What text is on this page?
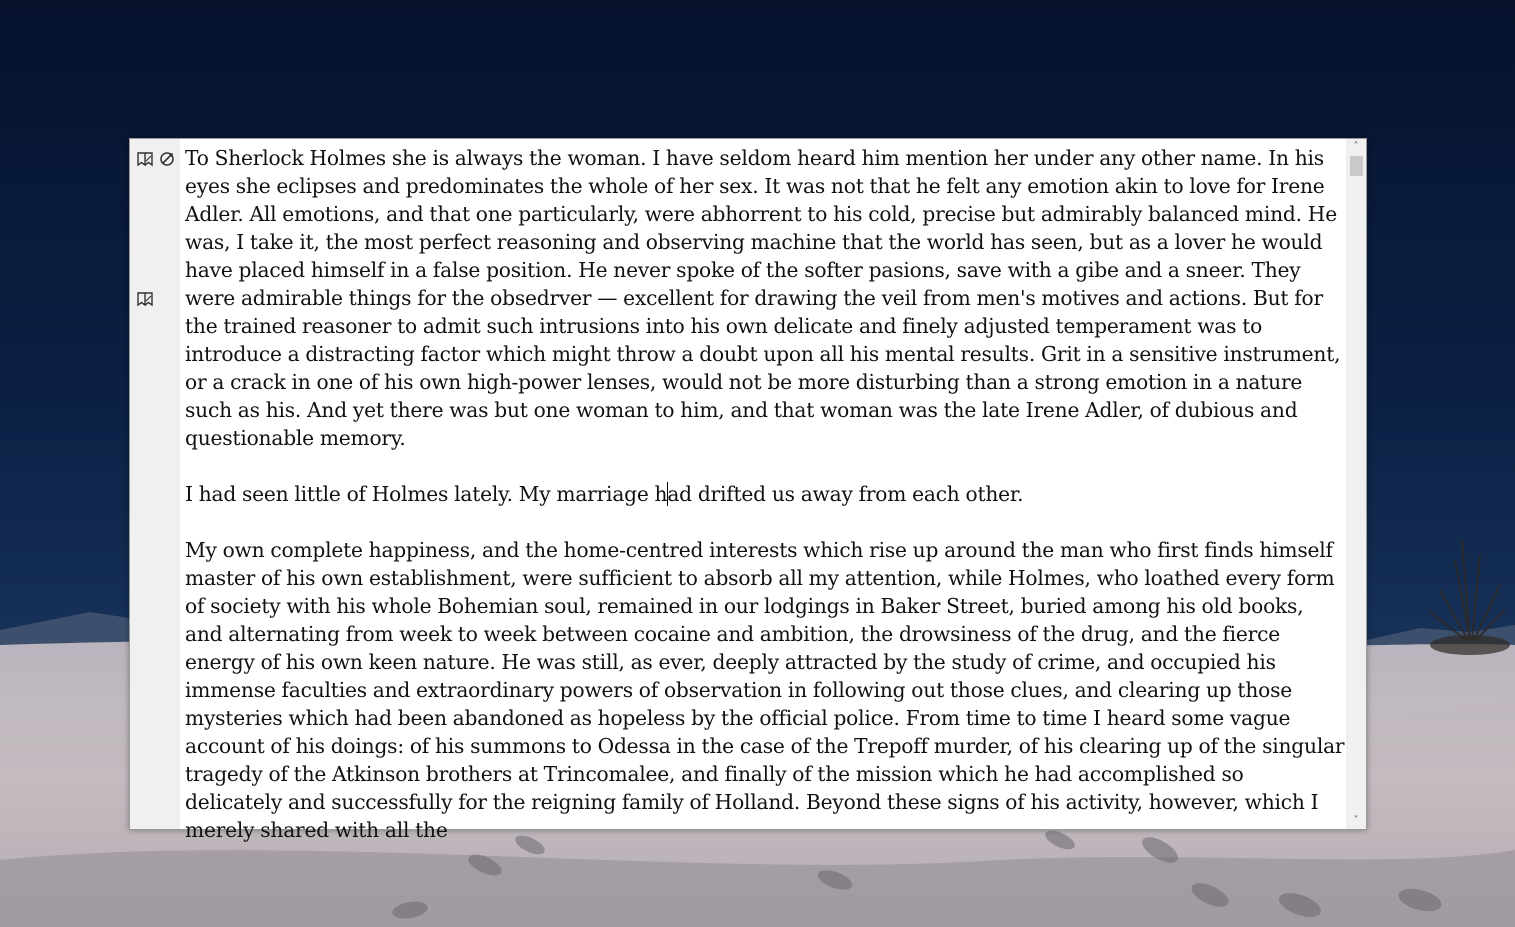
To Sherlock Holmes she is always the woman. I have seldom heard him mention her under any other name. In his eyes she eclipses and predominates the whole of her sex. It was not that he felt any emotion akin to love for Irene Adler. All emotions, and that one particularly, were abhorrent to his cold, precise but admirably balanced mind. He was, I take it, the most perfect reasoning and observing machine that the world has seen, but as a lover he would have placed himself in a false position. He never spoke of the softer pasions, save with a gibe and a sneer. They were admirable things for the obsedrver — excellent for drawing the veil from men's motives and actions. But for the trained reasoner to admit such intrusions into his own delicate and finely adjusted temperament was to introduce a distracting factor which might throw a doubt upon all his mental results. Grit in a sensitive instrument, or a crack in one of his own high-power lenses, would not be more disturbing than a strong emotion in a nature such as his. And yet there was but one woman to him, and that woman was the late Irene Adler, of dubious and questionable memory.

I had seen little of Holmes lately. My marriage had drifted us away from each other.

My own complete happiness, and the home-centred interests which rise up around the man who first finds himself master of his own establishment, were sufficient to absorb all my attention, while Holmes, who loathed every form of society with his whole Bohemian soul, remained in our lodgings in Baker Street, buried among his old books, and alternating from week to week between cocaine and ambition, the drowsiness of the drug, and the fierce energy of his own keen nature. He was still, as ever, deeply attracted by the study of crime, and occupied his immense faculties and extraordinary powers of observation in following out those clues, and clearing up those mysteries which had been abandoned as hopeless by the official police. From time to time I heard some vague account of his doings: of his summons to Odessa in the case of the Trepoff murder, of his clearing up of the singular tragedy of the Atkinson brothers at Trincomalee, and finally of the mission which he had accomplished so delicately and successfully for the reigning family of Holland. Beyond these signs of his activity, however, which I merely shared with all the

˄
˅
